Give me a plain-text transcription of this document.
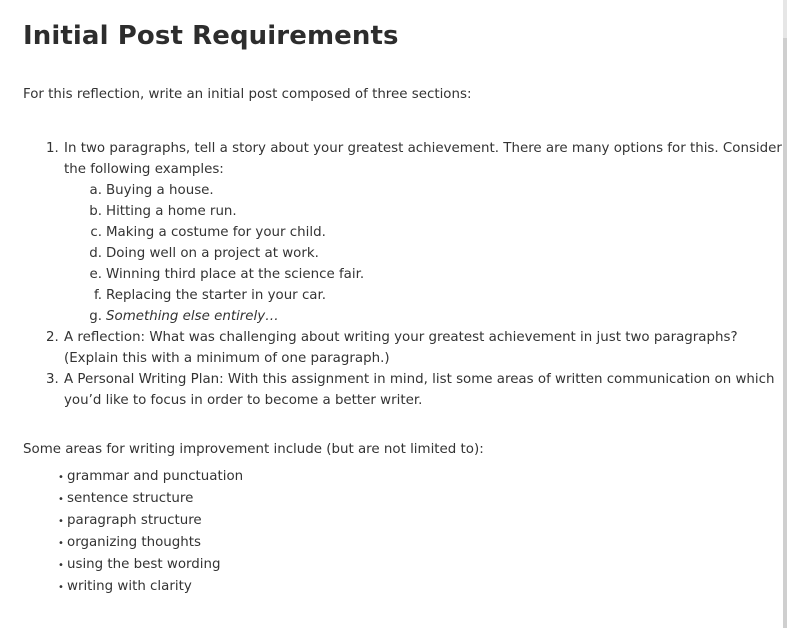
Initial Post Requirements

For this reflection, write an initial post composed of three sections:

1. In two paragraphs, tell a story about your greatest achievement. There are many options for this. Consider the following examples:
a. Buying a house.
b. Hitting a home run.
c. Making a costume for your child.
d. Doing well on a project at work.
e. Winning third place at the science fair.
f. Replacing the starter in your car.
g. Something else entirely…
2. A reflection: What was challenging about writing your greatest achievement in just two paragraphs? (Explain this with a minimum of one paragraph.)
3. A Personal Writing Plan: With this assignment in mind, list some areas of written communication on which you’d like to focus in order to become a better writer.

Some areas for writing improvement include (but are not limited to):

• grammar and punctuation
• sentence structure
• paragraph structure
• organizing thoughts
• using the best wording
• writing with clarity
